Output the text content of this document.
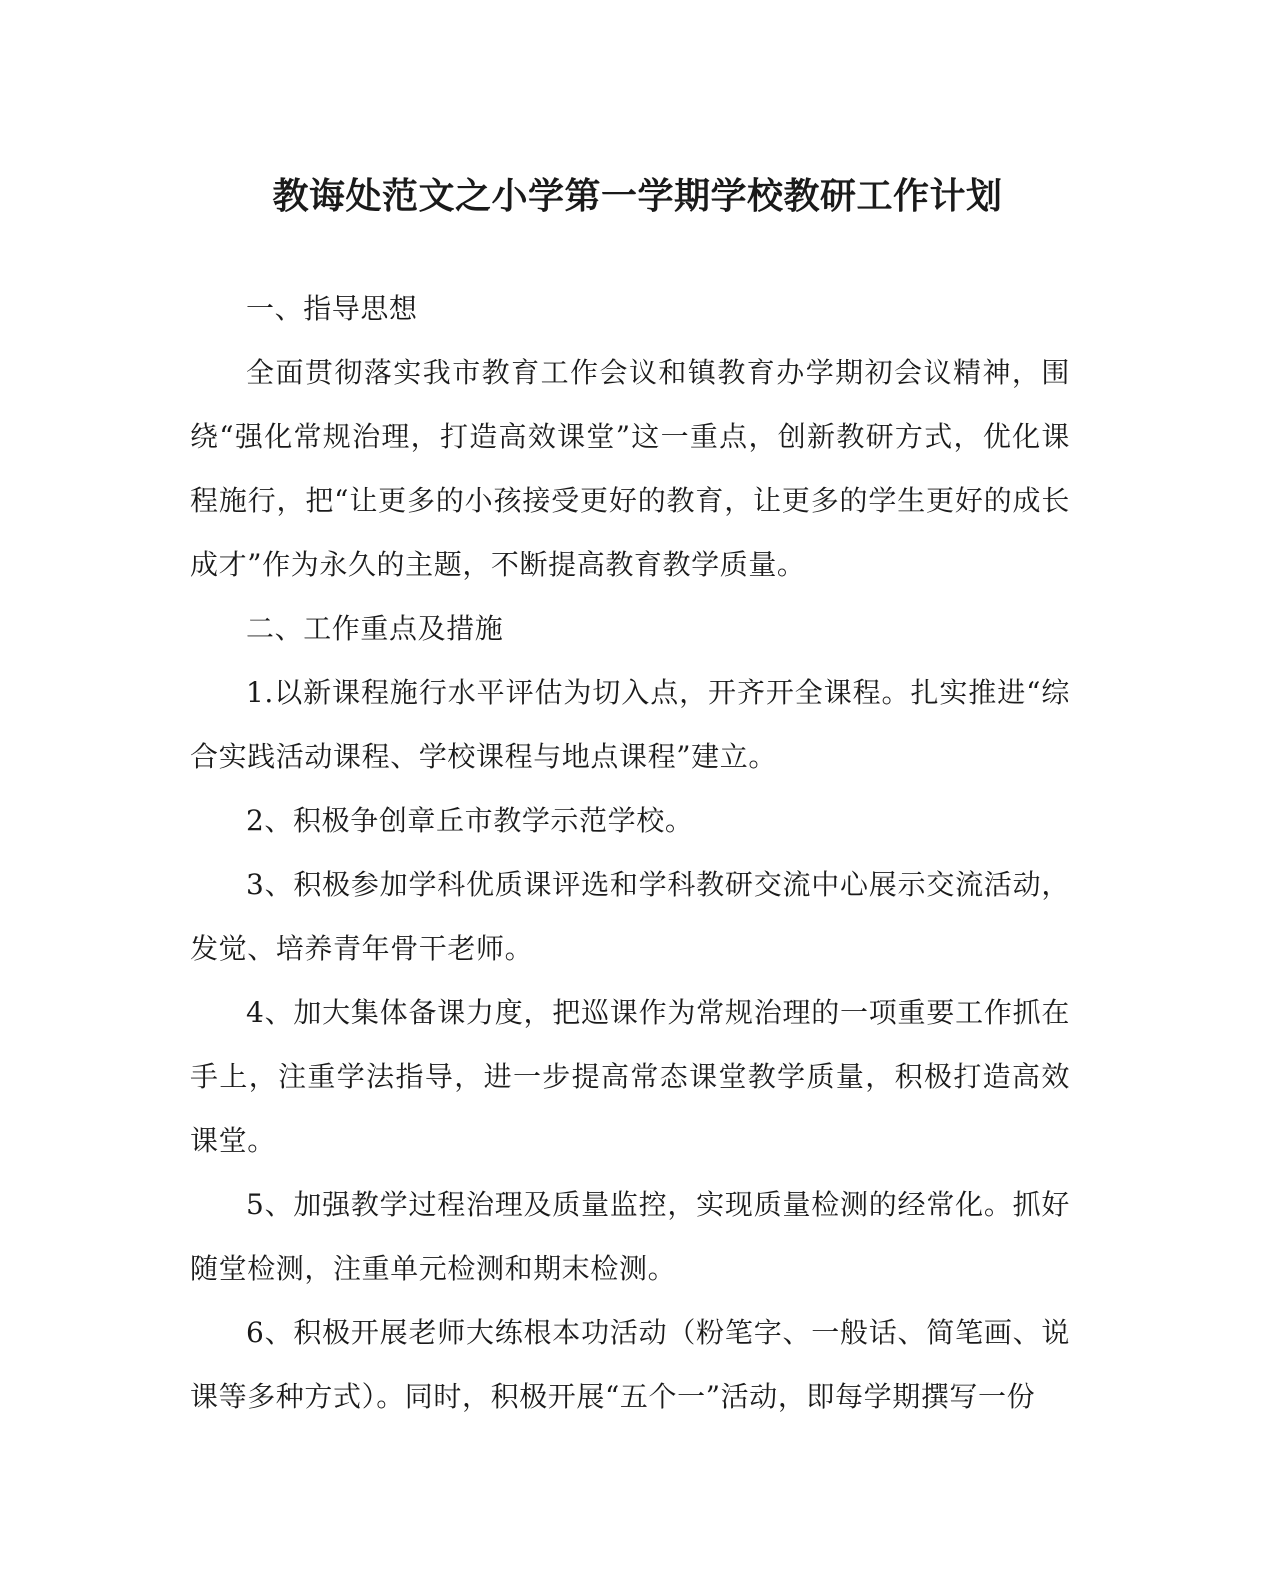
教诲处范文之小学第一学期学校教研工作计划

一、指导思想

全面贯彻落实我市教育工作会议和镇教育办学期初会议精神，围绕“强化常规治理，打造高效课堂”这一重点，创新教研方式，优化课程施行，把“让更多的小孩接受更好的教育，让更多的学生更好的成长成才”作为永久的主题，不断提高教育教学质量。

二、工作重点及措施

1.以新课程施行水平评估为切入点，开齐开全课程。扎实推进“综合实践活动课程、学校课程与地点课程”建立。

2、积极争创章丘市教学示范学校。

3、积极参加学科优质课评选和学科教研交流中心展示交流活动，发觉、培养青年骨干老师。

4、加大集体备课力度，把巡课作为常规治理的一项重要工作抓在手上，注重学法指导，进一步提高常态课堂教学质量，积极打造高效课堂。

5、加强教学过程治理及质量监控，实现质量检测的经常化。抓好随堂检测，注重单元检测和期末检测。

6、积极开展老师大练根本功活动（粉笔字、一般话、简笔画、说课等多种方式）。同时，积极开展“五个一”活动，即每学期撰写一份
